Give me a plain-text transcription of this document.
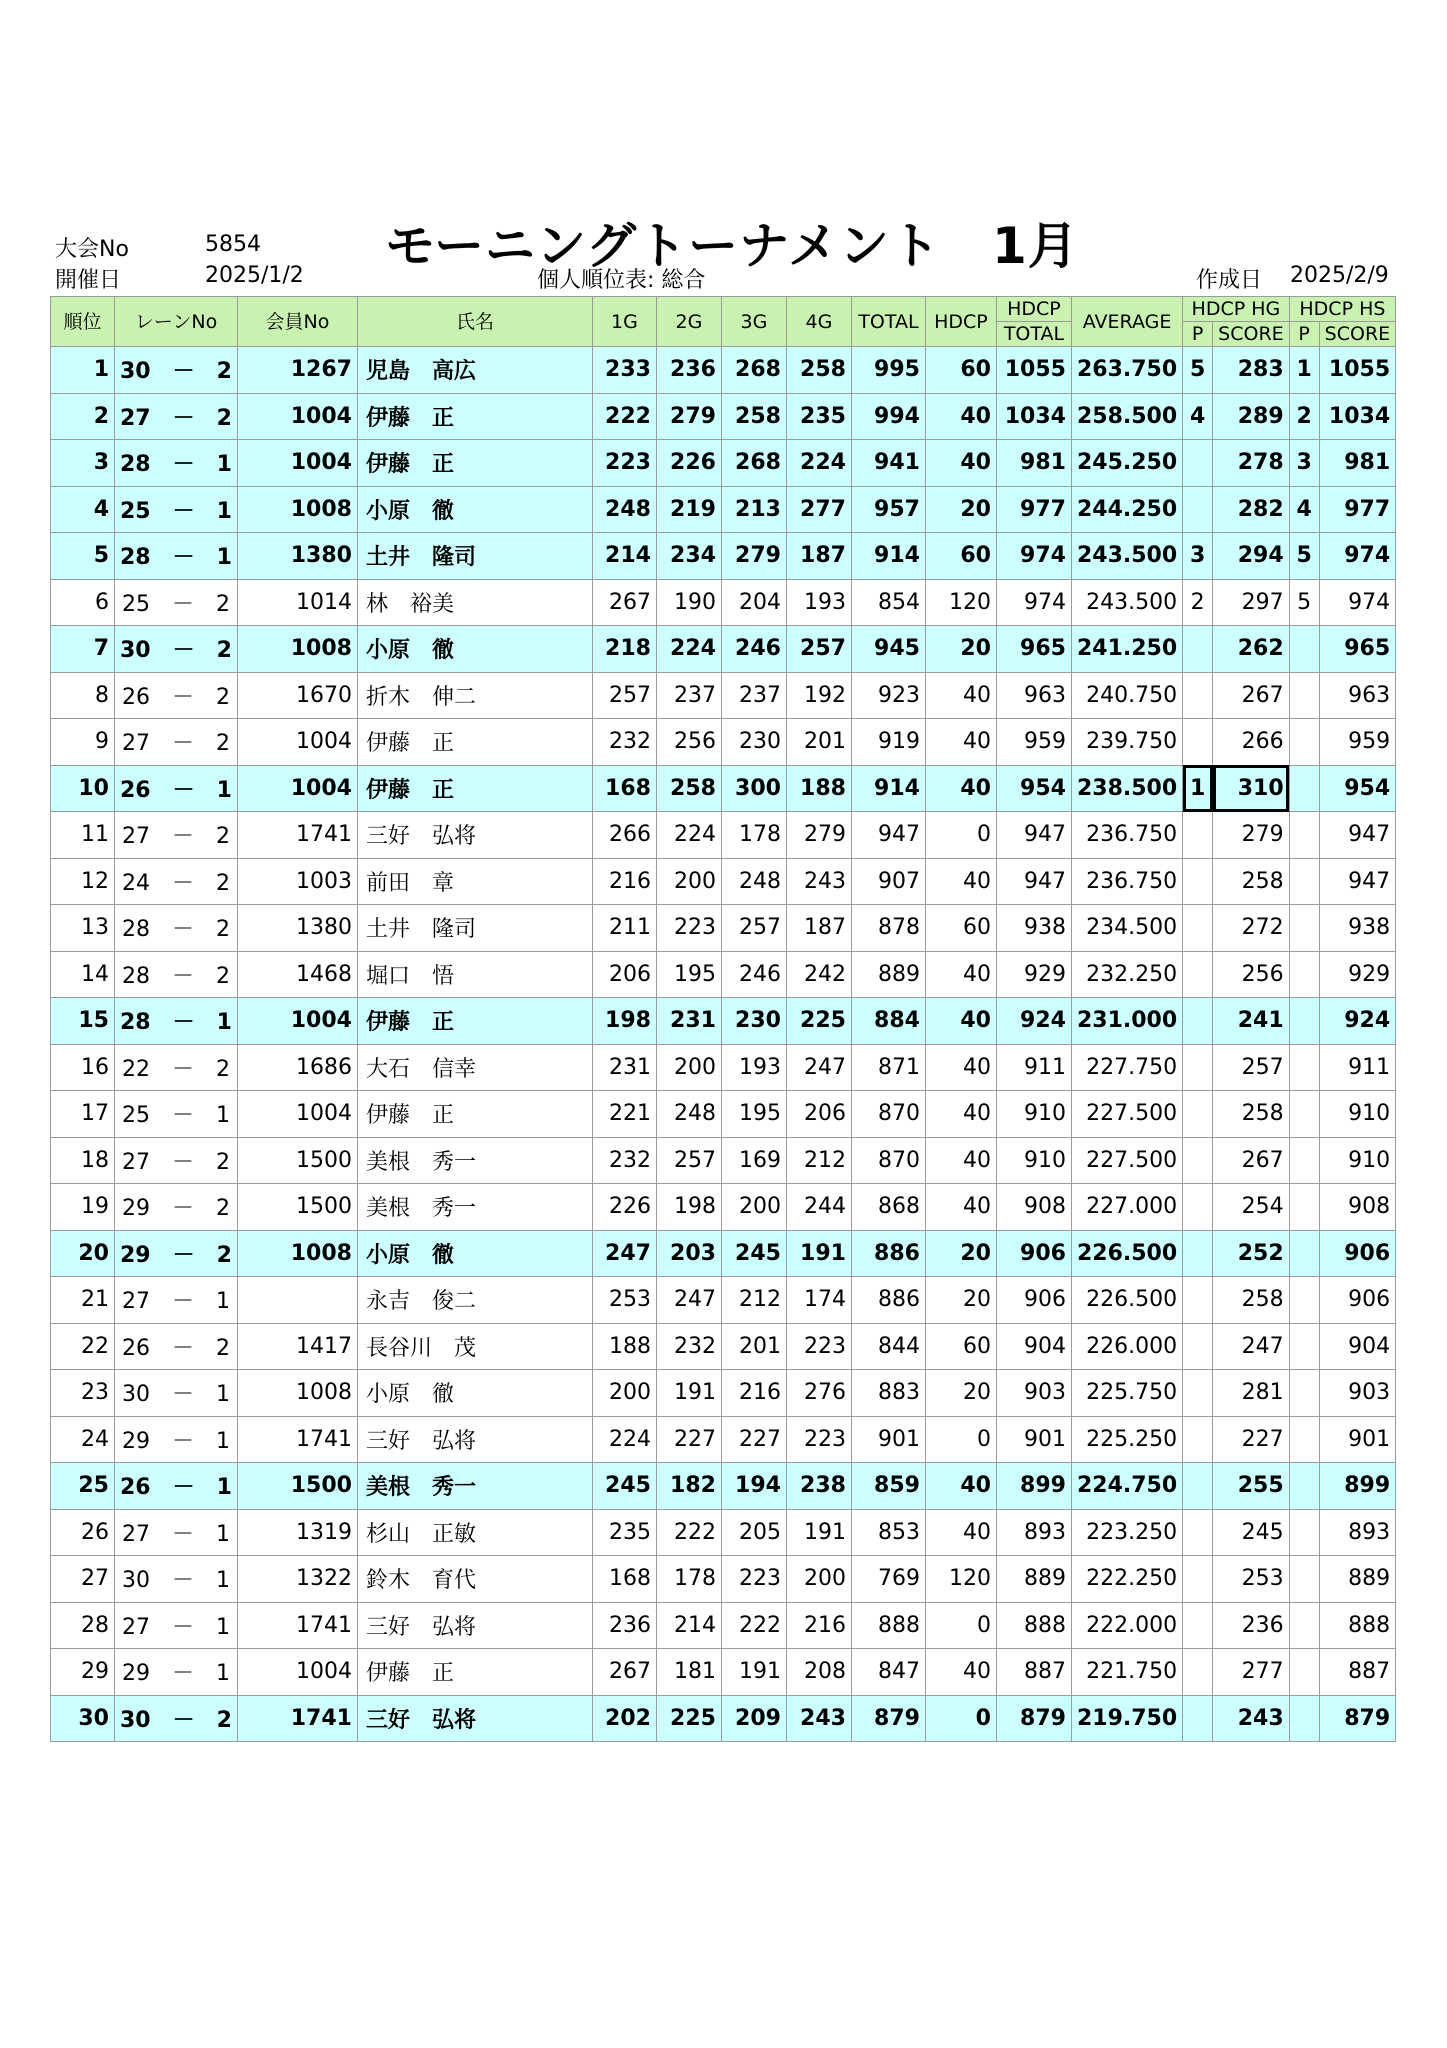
大会No	5854 モーニングトーナメント　1月
開催日	2025/1/2	個人順位表: 総合	作成日 2025/2/9
順位	レーンNo	会員No	氏名	1G	2G	3G	4G	TOTAL	HDCP	HDCP	AVERAGE	HDCP HG		HDCP HS	
										TOTAL		P	SCORE	P	SCORE
1	30　－　2	1267	児島　高広	233	236	268	258	995	60	1055	263.750	5	283	1	1055
2	27　－　2	1004	伊藤　正	222	279	258	235	994	40	1034	258.500	4	289	2	1034
3	28　－　1	1004	伊藤　正	223	226	268	224	941	40	981	245.250		278	3	981
4	25　－　1	1008	小原　徹	248	219	213	277	957	20	977	244.250		282	4	977
5	28　－　1	1380	土井　隆司	214	234	279	187	914	60	974	243.500	3	294	5	974
6	25　－　2	1014	林　裕美	267	190	204	193	854	120	974	243.500	2	297	5	974
7	30　－　2	1008	小原　徹	218	224	246	257	945	20	965	241.250		262		965
8	26　－　2	1670	折木　伸二	257	237	237	192	923	40	963	240.750		267		963
9	27　－　2	1004	伊藤　正	232	256	230	201	919	40	959	239.750		266		959
10	26　－　1	1004	伊藤　正	168	258	300	188	914	40	954	238.500	1	310		954
11	27　－　2	1741	三好　弘将	266	224	178	279	947	0	947	236.750		279		947
12	24　－　2	1003	前田　章	216	200	248	243	907	40	947	236.750		258		947
13	28　－　2	1380	土井　隆司	211	223	257	187	878	60	938	234.500		272		938
14	28　－　2	1468	堀口　悟	206	195	246	242	889	40	929	232.250		256		929
15	28　－　1	1004	伊藤　正	198	231	230	225	884	40	924	231.000		241		924
16	22　－　2	1686	大石　信幸	231	200	193	247	871	40	911	227.750		257		911
17	25　－　1	1004	伊藤　正	221	248	195	206	870	40	910	227.500		258		910
18	27　－　2	1500	美根　秀一	232	257	169	212	870	40	910	227.500		267		910
19	29　－　2	1500	美根　秀一	226	198	200	244	868	40	908	227.000		254		908
20	29　－　2	1008	小原　徹	247	203	245	191	886	20	906	226.500		252		906
21	27　－　1		永吉　俊二	253	247	212	174	886	20	906	226.500		258		906
22	26　－　2	1417	長谷川　茂	188	232	201	223	844	60	904	226.000		247		904
23	30　－　1	1008	小原　徹	200	191	216	276	883	20	903	225.750		281		903
24	29　－　1	1741	三好　弘将	224	227	227	223	901	0	901	225.250		227		901
25	26　－　1	1500	美根　秀一	245	182	194	238	859	40	899	224.750		255		899
26	27　－　1	1319	杉山　正敏	235	222	205	191	853	40	893	223.250		245		893
27	30　－　1	1322	鈴木　育代	168	178	223	200	769	120	889	222.250		253		889
28	27　－　1	1741	三好　弘将	236	214	222	216	888	0	888	222.000		236		888
29	29　－　1	1004	伊藤　正	267	181	191	208	847	40	887	221.750		277		887
30	30　－　2	1741	三好　弘将	202	225	209	243	879	0	879	219.750		243		879
